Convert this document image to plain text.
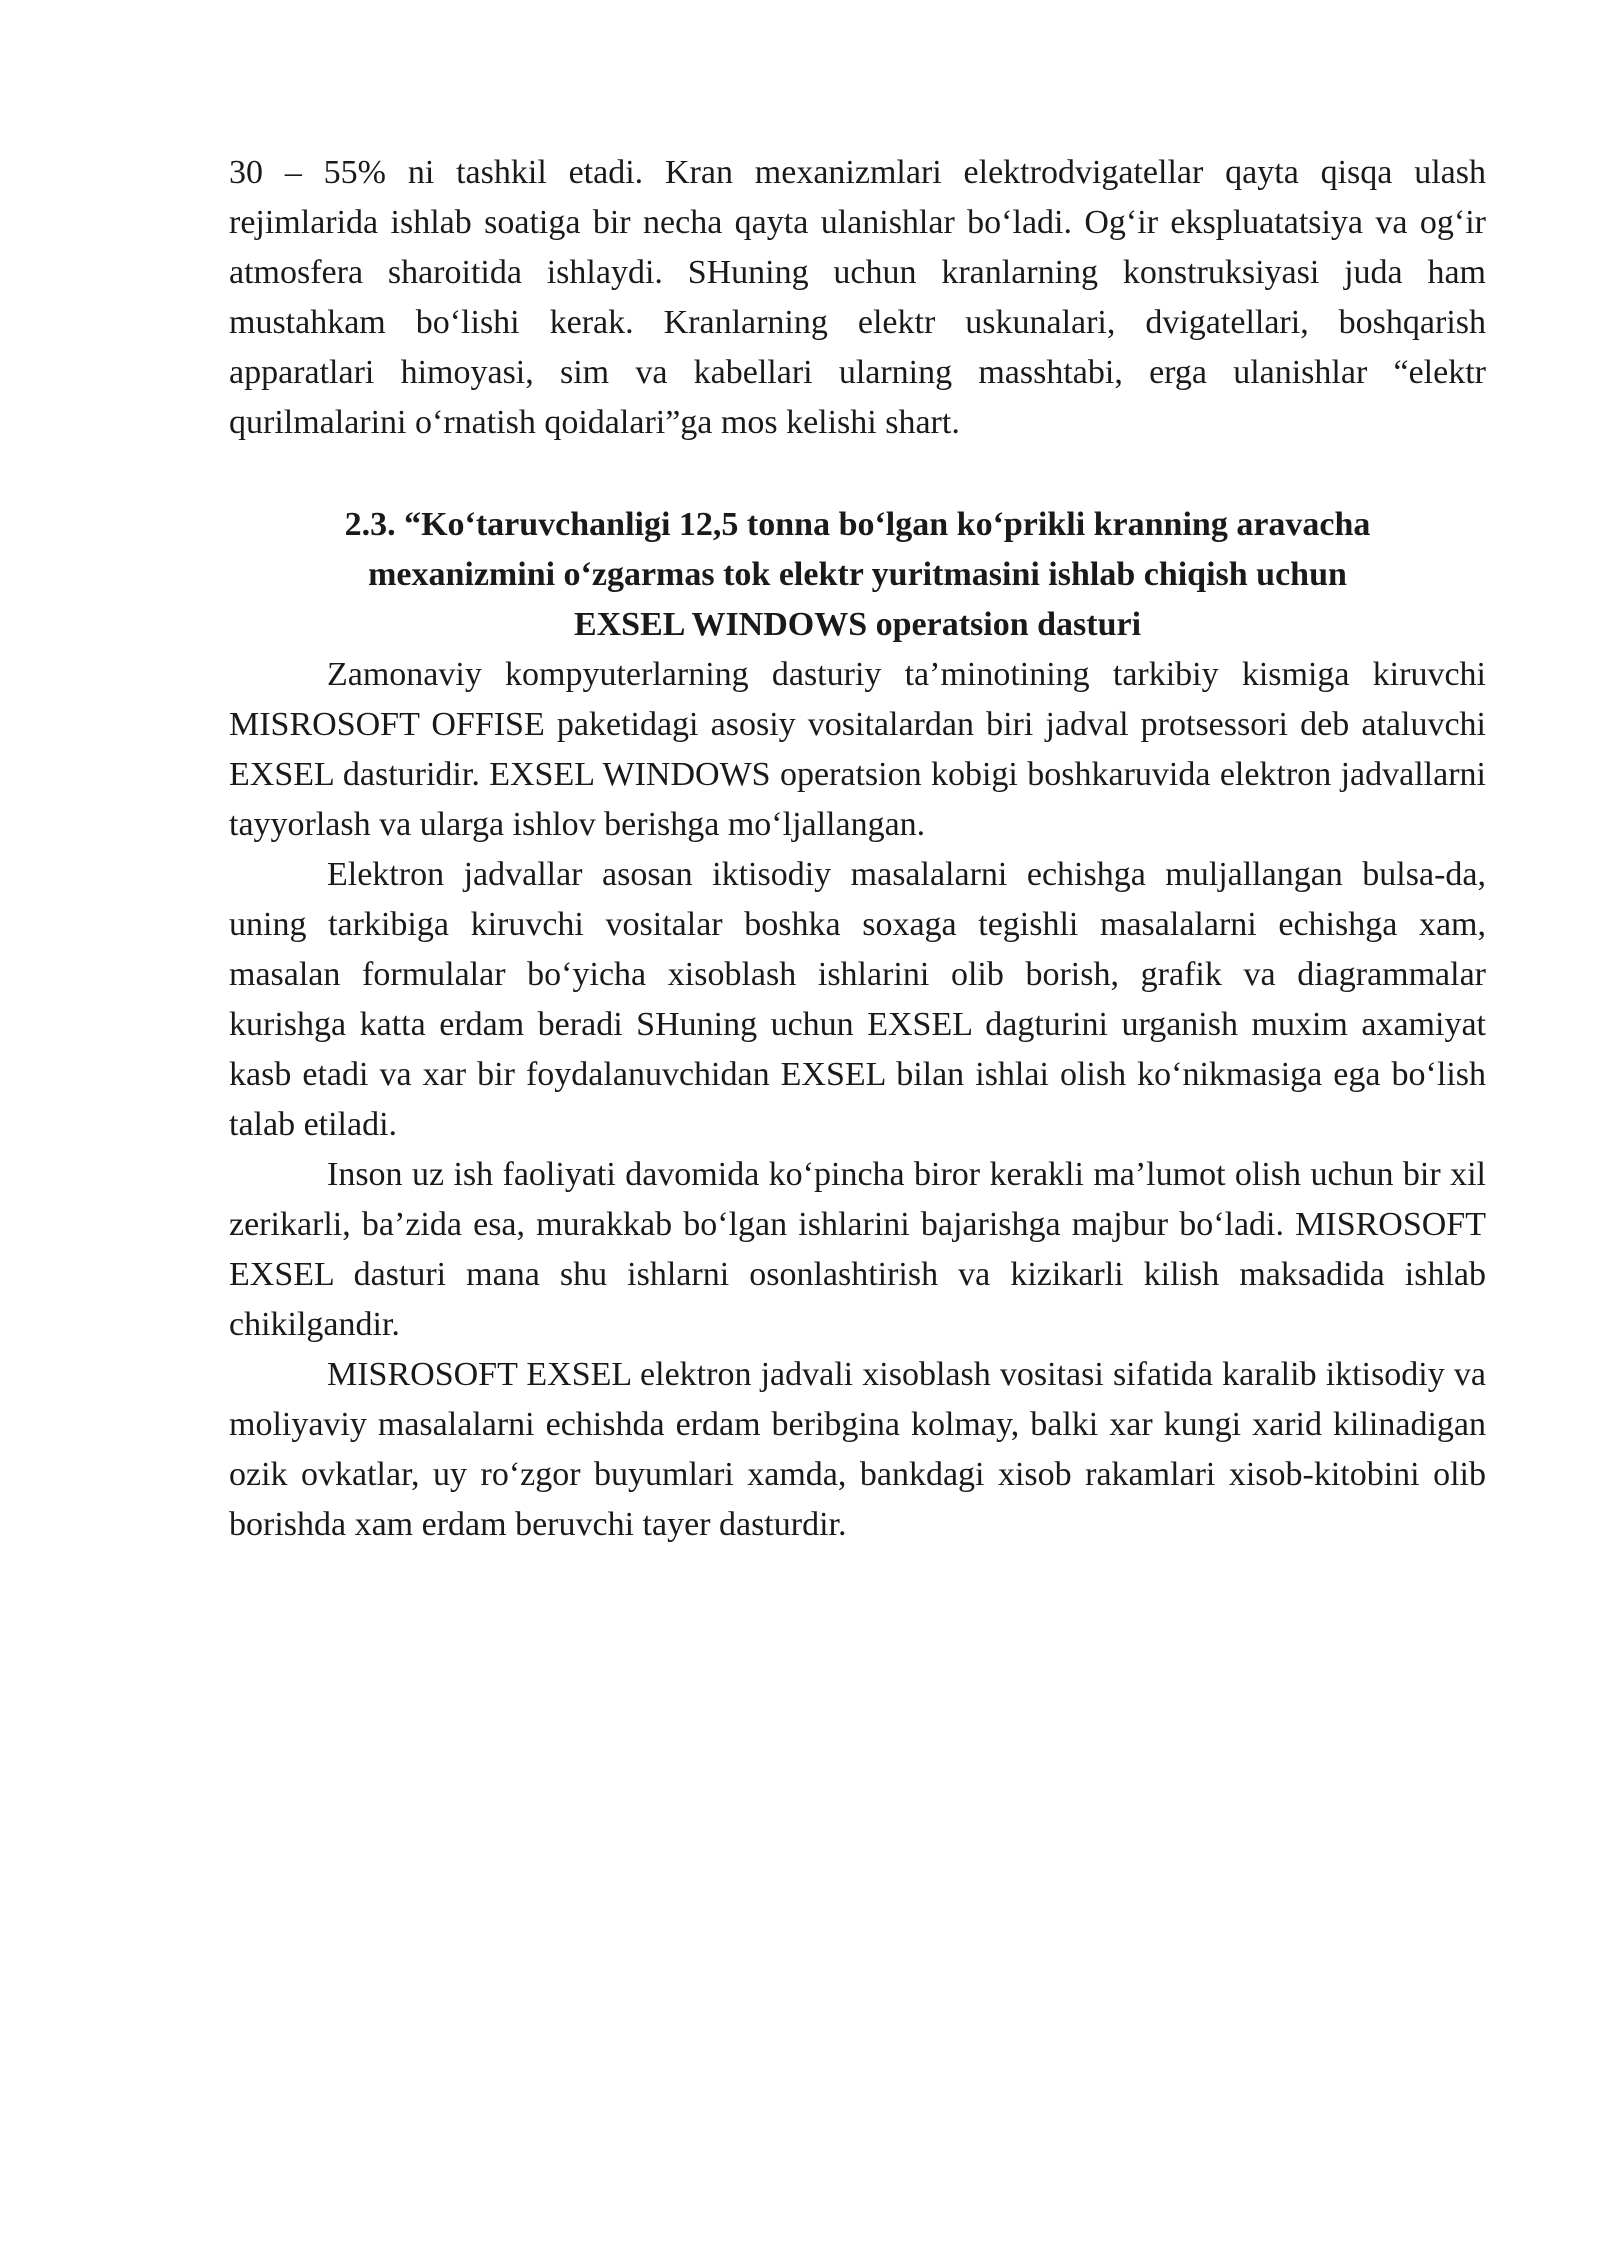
30 – 55% ni tashkil etadi. Kran mexanizmlari elektrodvigatellar qayta qisqa ulash rejimlarida ishlab soatiga bir necha qayta ulanishlar bo‘ladi. Og‘ir ekspluatatsiya va og‘ir atmosfera sharoitida ishlaydi. SHuning uchun kranlarning konstruksiyasi juda ham mustahkam bo‘lishi kerak. Kranlarning elektr uskunalari, dvigatellari, boshqarish apparatlari himoyasi, sim va kabellari ularning masshtabi, erga ulanishlar “elektr qurilmalarini o‘rnatish qoidalari”ga mos kelishi shart.

2.3. “Ko‘taruvchanligi 12,5 tonna bo‘lgan ko‘prikli kranning aravacha
mexanizmini o‘zgarmas tok elektr yuritmasini ishlab chiqish uchun
EXSEL WINDOWS operatsion dasturi

Zamonaviy kompyuterlarning dasturiy ta’minotining tarkibiy kismiga kiruvchi MISROSOFT OFFISE paketidagi asosiy vositalardan biri jadval protsessori deb ataluvchi EXSEL dasturidir. EXSEL WINDOWS operatsion kobigi boshkaruvida elektron jadvallarni tayyorlash va ularga ishlov berishga mo‘ljallangan.

Elektron jadvallar asosan iktisodiy masalalarni echishga muljallangan bulsa-da, uning tarkibiga kiruvchi vositalar boshka soxaga tegishli masalalarni echishga xam, masalan formulalar bo‘yicha xisoblash ishlarini olib borish, grafik va diagrammalar kurishga katta erdam beradi SHuning uchun EXSEL dagturini urganish muxim axamiyat kasb etadi va xar bir foydalanuvchidan EXSEL bilan ishlai olish ko‘nikmasiga ega bo‘lish talab etiladi.

Inson uz ish faoliyati davomida ko‘pincha biror kerakli ma’lumot olish uchun bir xil zerikarli, ba’zida esa, murakkab bo‘lgan ishlarini bajarishga majbur bo‘ladi. MISROSOFT EXSEL dasturi mana shu ishlarni osonlashtirish va kizikarli kilish maksadida ishlab chikilgandir.

MISROSOFT EXSEL elektron jadvali xisoblash vositasi sifatida karalib iktisodiy va moliyaviy masalalarni echishda erdam beribgina kolmay, balki xar kungi xarid kilinadigan ozik ovkatlar, uy ro‘zgor buyumlari xamda, bankdagi xisob rakamlari xisob-kitobini olib borishda xam erdam beruvchi tayer dasturdir.
